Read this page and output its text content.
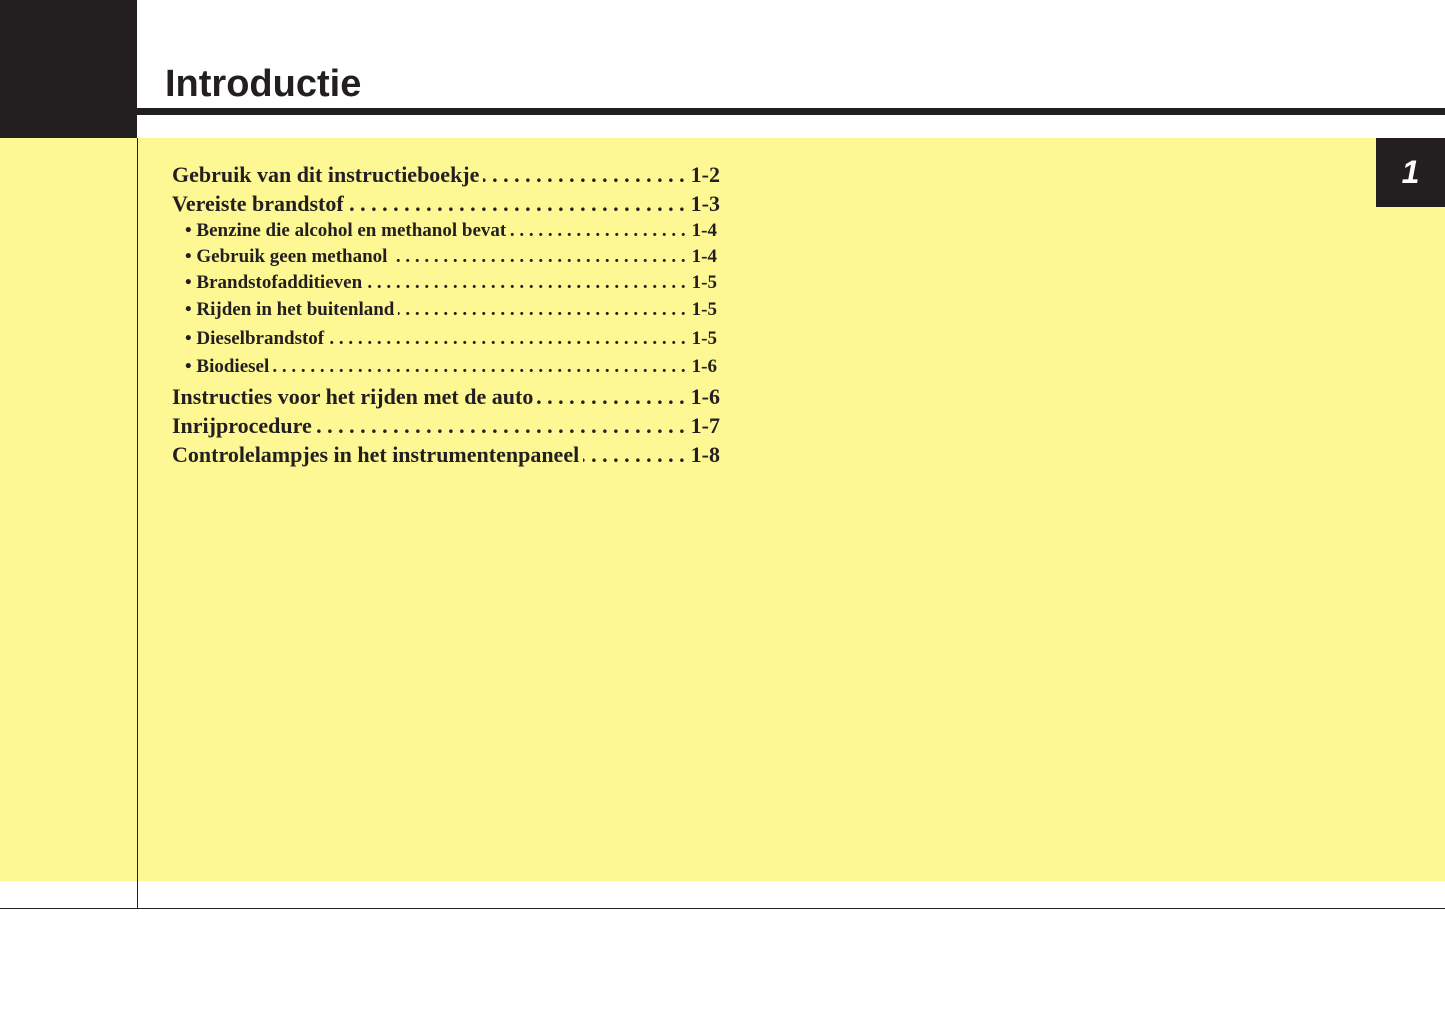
Introductie
1
Gebruik van dit instructieboekje . . .	1-2
Vereiste brandstof . . .	1-3
• Benzine die alcohol en methanol bevat . . .	1-4
• Gebruik geen methanol . . .	1-4
• Brandstofadditieven . . .	1-5
• Rijden in het buitenland . . .	1-5
• Dieselbrandstof . . .	1-5
• Biodiesel . . .	1-6
Instructies voor het rijden met de auto . . .	1-6
Inrijprocedure . . .	1-7
Controlelampjes in het instrumentenpaneel . . .	1-8
